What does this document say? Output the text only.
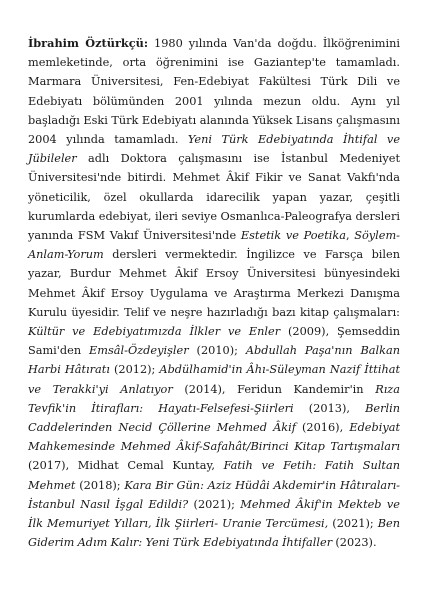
İbrahim Öztürkçü: 1980 yılında Van'da doğdu. İlköğrenimini memleketinde, orta öğrenimini ise Gaziantep'te tamamladı. Marmara Üniversitesi, Fen-Edebiyat Fakültesi Türk Dili ve Edebiyatı bölümünden 2001 yılında mezun oldu. Aynı yıl başladığı Eski Türk Edebiyatı alanında Yüksek Lisans çalışmasını 2004 yılında tamamladı. Yeni Türk Edebiyatında İhtifal ve Jübileler adlı Doktora çalışmasını ise İstanbul Medeniyet Üniversitesi'nde bitirdi. Mehmet Âkif Fikir ve Sanat Vakfı'nda yöneticilik, özel okullarda idarecilik yapan yazar, çeşitli kurumlarda edebiyat, ileri seviye Osmanlıca-Paleografya dersleri yanında FSM Vakıf Üniversitesi'nde Estetik ve Poetika, Söylem-Anlam-Yorum dersleri vermektedir. İngilizce ve Farsça bilen yazar, Burdur Mehmet Âkif Ersoy Üniversitesi bünyesindeki Mehmet Âkif Ersoy Uygulama ve Araştırma Merkezi Danışma Kurulu üyesidir. Telif ve neşre hazırladığı bazı kitap çalışmaları: Kültür ve Edebiyatımızda İlkler ve Enler (2009), Şemseddin Sami'den Emsâl-Özdeyişler (2010); Abdullah Paşa'nın Balkan Harbi Hâtıratı (2012); Abdülhamid'in Âhı-Süleyman Nazif İttihat ve Terakki'yi Anlatıyor (2014), Feridun Kandemir'in Rıza Tevfik'in İtirafları: Hayatı-Felsefesi-Şiirleri (2013), Berlin Caddelerinden Necid Çöllerine Mehmed Âkif (2016), Edebiyat Mahkemesinde Mehmed Âkif-Safahât/Birinci Kitap Tartışmaları (2017), Midhat Cemal Kuntay, Fatih ve Fetih: Fatih Sultan Mehmet (2018); Kara Bir Gün: Aziz Hüdâi Akdemir'in Hâtıraları-İstanbul Nasıl İşgal Edildi? (2021); Mehmed Âkif'in Mekteb ve İlk Memuriyet Yılları, İlk Şiirleri- Uranie Tercümesi, (2021); Ben Giderim Adım Kalır: Yeni Türk Edebiyatında İhtifaller (2023).
